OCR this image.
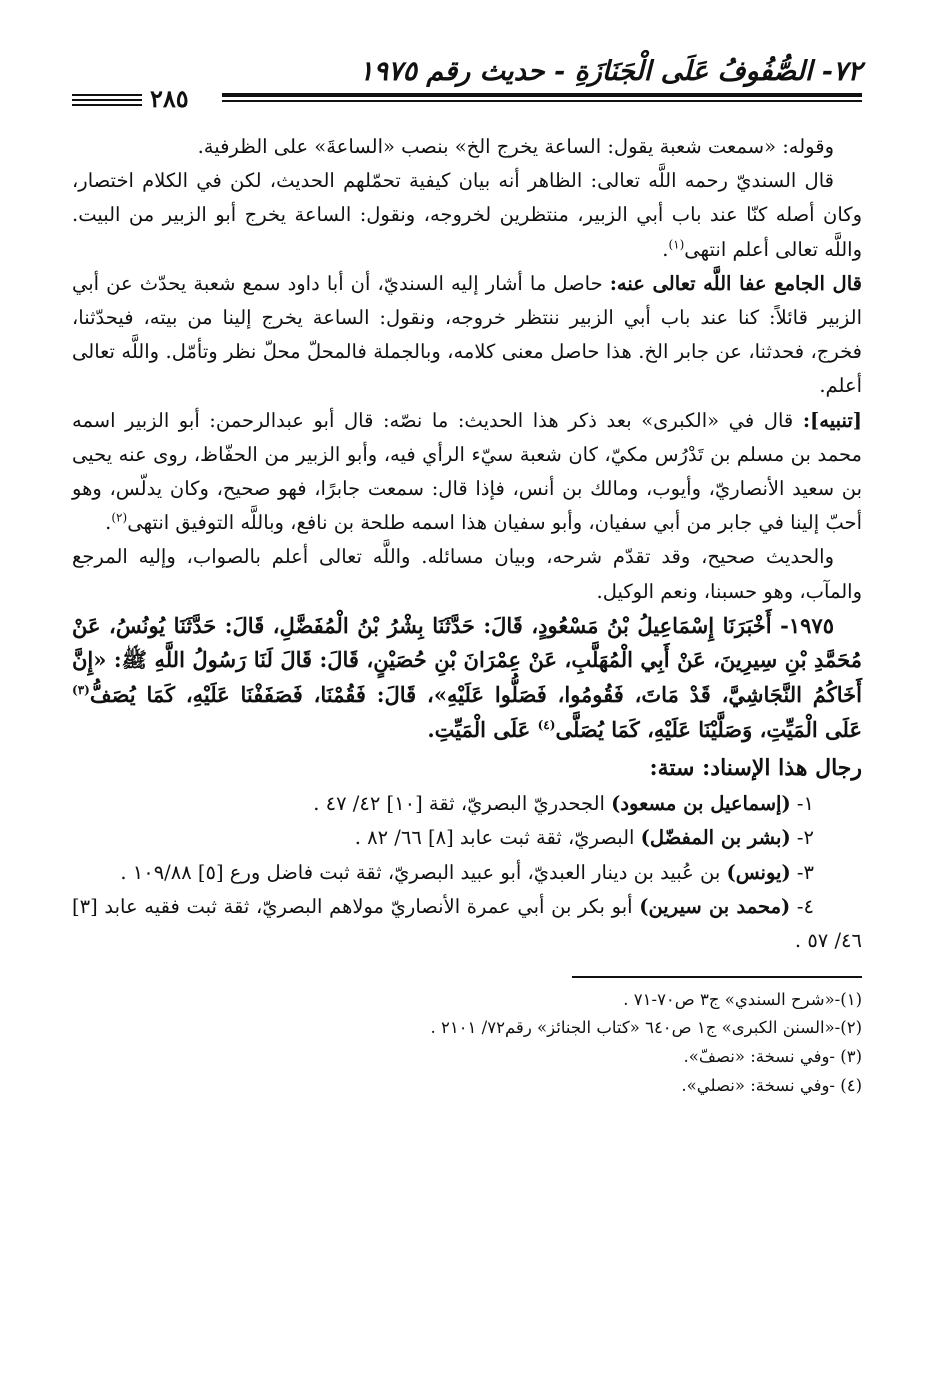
٧٢- الصُّفُوفُ عَلَى الْجَنَازَةِ - حديث رقم ١٩٧٥
٢٨٥

وقوله: «سمعت شعبة يقول: الساعة يخرج الخ» بنصب «الساعةَ» على الظرفية.

قال السنديّ رحمه اللَّه تعالى: الظاهر أنه بيان كيفية تحمّلهم الحديث، لكن في الكلام اختصار، وكان أصله كنّا عند باب أبي الزبير، منتظرين لخروجه، ونقول: الساعة يخرج أبو الزبير من البيت. واللَّه تعالى أعلم انتهى$^{(١)}$.

قال الجامع عفا اللَّه تعالى عنه: حاصل ما أشار إليه السنديّ، أن أبا داود سمع شعبة يحدّث عن أبي الزبير قائلاً: كنا عند باب أبي الزبير ننتظر خروجه، ونقول: الساعة يخرج إلينا من بيته، فيحدّثنا، فخرج، فحدثنا، عن جابر الخ. هذا حاصل معنى كلامه، وبالجملة فالمحلّ محلّ نظر وتأمّل. واللَّه تعالى أعلم.

[تنبيه]: قال في «الكبرى» بعد ذكر هذا الحديث: ما نصّه: قال أبو عبدالرحمن: أبو الزبير اسمه محمد بن مسلم بن تَدْرُس مكيّ، كان شعبة سيّء الرأي فيه، وأبو الزبير من الحفّاظ، روى عنه يحيى بن سعيد الأنصاريّ، وأيوب، ومالك بن أنس، فإذا قال: سمعت جابرًا، فهو صحيح، وكان يدلّس، وهو أحبّ إلينا في جابر من أبي سفيان، وأبو سفيان هذا اسمه طلحة بن نافع، وباللَّه التوفيق انتهى$^{(٢)}$.

والحديث صحيح، وقد تقدّم شرحه، وبيان مسائله. واللَّه تعالى أعلم بالصواب، وإليه المرجع والمآب، وهو حسبنا، ونعم الوكيل.

١٩٧٥- أَخْبَرَنَا إِسْمَاعِيلُ بْنُ مَسْعُودٍ، قَالَ: حَدَّثَنَا بِشْرُ بْنُ الْمُفَضَّلِ، قَالَ: حَدَّثَنَا يُونُسُ، عَنْ مُحَمَّدِ بْنِ سِيرِينَ، عَنْ أَبِي الْمُهَلَّبِ، عَنْ عِمْرَانَ بْنِ حُصَيْنٍ، قَالَ: قَالَ لَنَا رَسُولُ اللَّهِ ﷺ: «إِنَّ أَخَاكُمُ النَّجَاشِيَّ، قَدْ مَاتَ، فَقُومُوا، فَصَلُّوا عَلَيْهِ»، قَالَ: فَقُمْنَا، فَصَفَفْنَا عَلَيْهِ، كَمَا يُصَفُّ$^{(٣)}$ عَلَى الْمَيِّتِ، وَصَلَّيْنَا عَلَيْهِ، كَمَا يُصَلَّى$^{(٤)}$ عَلَى الْمَيِّتِ.

رجال هذا الإسناد: ستة:

١- (إسماعيل بن مسعود) الجحدريّ البصريّ، ثقة [١٠] ٤٢/ ٤٧ .

٢- (بشر بن المفضّل) البصريّ، ثقة ثبت عابد [٨] ٦٦/ ٨٢ .

٣- (يونس) بن عُبيد بن دينار العبديّ، أبو عبيد البصريّ، ثقة ثبت فاضل ورع [٥] ١٠٩/٨٨ .

٤- (محمد بن سيرين) أبو بكر بن أبي عمرة الأنصاريّ مولاهم البصريّ، ثقة ثبت فقيه عابد [٣] ٤٦/ ٥٧ .

(١)-«شرح السندي» ج٣ ص٧٠-٧١ .

(٢)-«السنن الكبرى» ج١ ص٦٤٠ «كتاب الجنائز» رقم٧٢/ ٢١٠١ .

(٣) -وفي نسخة: «نصفّ».

(٤) -وفي نسخة: «نصلي».
